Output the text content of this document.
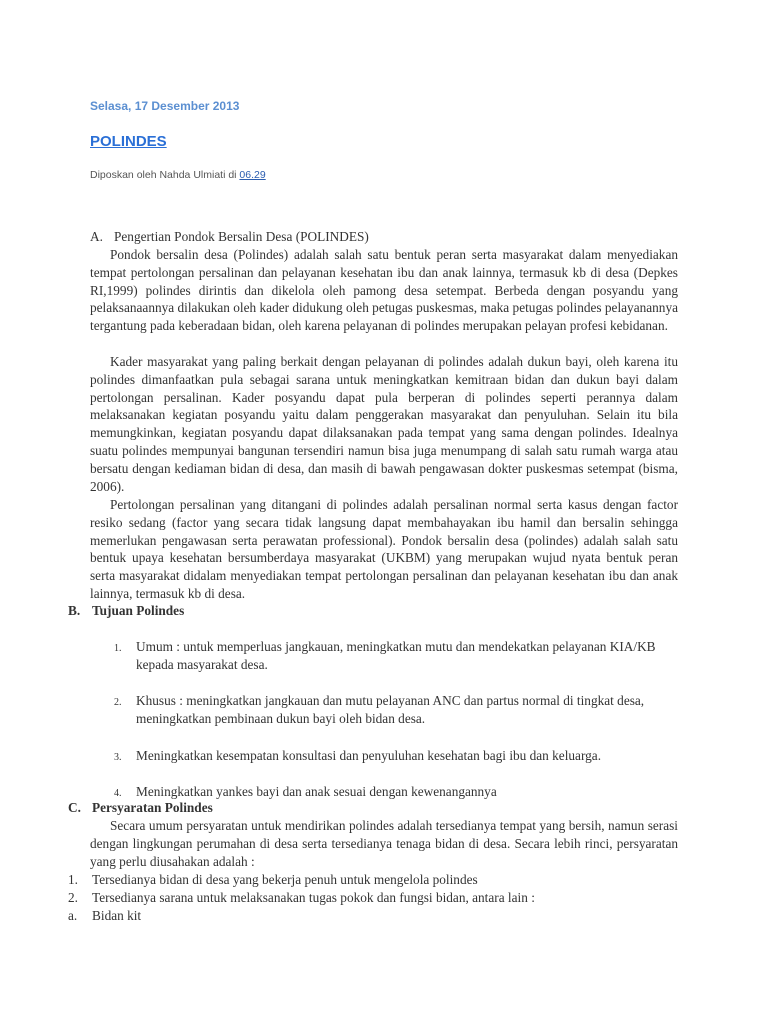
Selasa, 17 Desember 2013
POLINDES
Diposkan oleh Nahda Ulmiati di 06.29
A. Pengertian Pondok Bersalin Desa (POLINDES)

Pondok bersalin desa (Polindes) adalah salah satu bentuk peran serta masyarakat dalam menyediakan tempat pertolongan persalinan dan pelayanan kesehatan ibu dan anak lainnya, termasuk kb di desa (Depkes RI,1999) polindes dirintis dan dikelola oleh pamong desa setempat. Berbeda dengan posyandu yang pelaksanaannya dilakukan oleh kader didukung oleh petugas puskesmas, maka petugas polindes pelayanannya tergantung pada keberadaan bidan, oleh karena pelayanan di polindes merupakan pelayan profesi kebidanan.

Kader masyarakat yang paling berkait dengan pelayanan di polindes adalah dukun bayi, oleh karena itu polindes dimanfaatkan pula sebagai sarana untuk meningkatkan kemitraan bidan dan dukun bayi dalam pertolongan persalinan. Kader posyandu dapat pula berperan di polindes seperti perannya dalam melaksanakan kegiatan posyandu yaitu dalam penggerakan masyarakat dan penyuluhan. Selain itu bila memungkinkan, kegiatan posyandu dapat dilaksanakan pada tempat yang sama dengan polindes. Idealnya suatu polindes mempunyai bangunan tersendiri namun bisa juga menumpang di salah satu rumah warga atau bersatu dengan kediaman bidan di desa, dan masih di bawah pengawasan dokter puskesmas setempat (bisma, 2006).

Pertolongan persalinan yang ditangani di polindes adalah persalinan normal serta kasus dengan factor resiko sedang (factor yang secara tidak langsung dapat membahayakan ibu hamil dan bersalin sehingga memerlukan pengawasan serta perawatan professional). Pondok bersalin desa (polindes) adalah salah satu bentuk upaya kesehatan bersumberdaya masyarakat (UKBM) yang merupakan wujud nyata bentuk peran serta masyarakat didalam menyediakan tempat pertolongan persalinan dan pelayanan kesehatan ibu dan anak lainnya, termasuk kb di desa.

B. Tujuan Polindes
1.	Umum : untuk memperluas jangkauan, meningkatkan mutu dan mendekatkan pelayanan KIA/KB kepada masyarakat desa.
2.	Khusus : meningkatkan jangkauan dan mutu pelayanan ANC dan partus normal di tingkat desa, meningkatkan pembinaan dukun bayi oleh bidan desa.
3.	Meningkatkan kesempatan konsultasi dan penyuluhan kesehatan bagi ibu dan keluarga.
4.	Meningkatkan yankes bayi dan anak sesuai dengan kewenangannya
C. Persyaratan Polindes

Secara umum persyaratan untuk mendirikan polindes adalah tersedianya tempat yang bersih, namun serasi dengan lingkungan perumahan di desa serta tersedianya tenaga bidan di desa. Secara lebih rinci, persyaratan yang perlu diusahakan adalah :

1.	Tersedianya bidan di desa yang bekerja penuh untuk mengelola polindes
2.	Tersedianya sarana untuk melaksanakan tugas pokok dan fungsi bidan, antara lain :
a.	Bidan kit
